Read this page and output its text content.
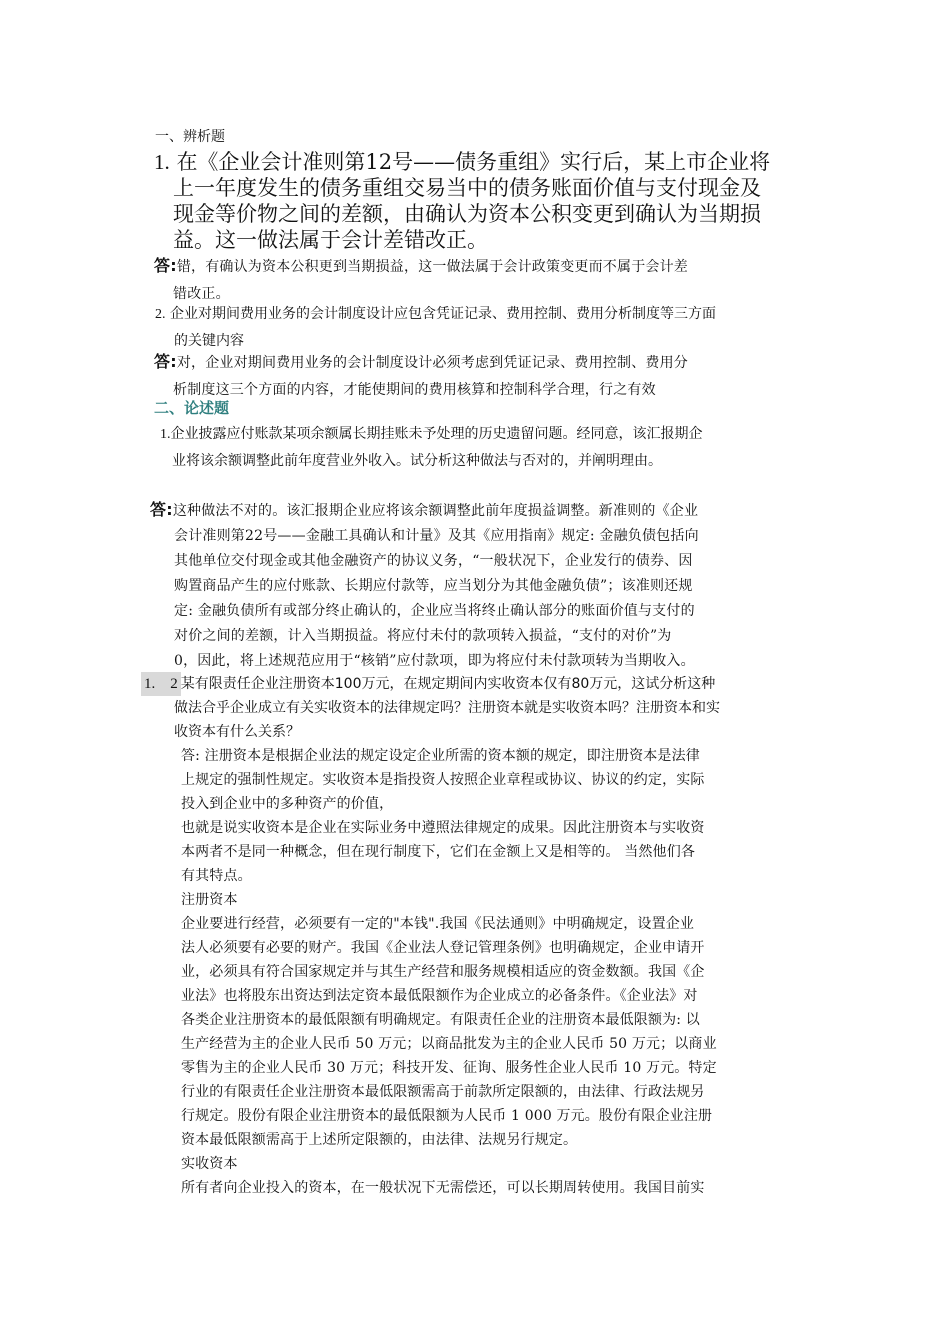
一、辨析题
1. 在《企业会计准则第12号——债务重组》实行后，某上市企业将
上一年度发生的债务重组交易当中的债务账面价值与支付现金及
现金等价物之间的差额，由确认为资本公积变更到确认为当期损
益。这一做法属于会计差错改正。
答:错，有确认为资本公积更到当期损益，这一做法属于会计政策变更而不属于会计差
错改正。
2. 企业对期间费用业务的会计制度设计应包含凭证记录、费用控制、费用分析制度等三方面
的关键内容
答:对，企业对期间费用业务的会计制度设计必须考虑到凭证记录、费用控制、费用分
析制度这三个方面的内容，才能使期间的费用核算和控制科学合理，行之有效
二、论述题
1.企业披露应付账款某项余额属长期挂账未予处理的历史遗留问题。经同意，该汇报期企
业将该余额调整此前年度营业外收入。试分析这种做法与否对的，并阐明理由。
答:这种做法不对的。该汇报期企业应将该余额调整此前年度损益调整。新准则的《企业
会计准则第22号——金融工具确认和计量》及其《应用指南》规定: 金融负债包括向
其他单位交付现金或其他金融资产的协议义务，“一般状况下，企业发行的债券、因
购置商品产生的应付账款、长期应付款等，应当划分为其他金融负债”；该准则还规
定: 金融负债所有或部分终止确认的，企业应当将终止确认部分的账面价值与支付的
对价之间的差额，计入当期损益。将应付未付的款项转入损益，“支付的对价”为
0，因此，将上述规范应用于“核销”应付款项，即为将应付未付款项转为当期收入。
1.　2 某有限责任企业注册资本100万元，在规定期间内实收资本仅有80万元，这试分析这种
做法合乎企业成立有关实收资本的法律规定吗？注册资本就是实收资本吗？注册资本和实
收资本有什么关系？

答: 注册资本是根据企业法的规定设定企业所需的资本额的规定，即注册资本是法律

上规定的强制性规定。实收资本是指投资人按照企业章程或协议、协议的约定，实际

投入到企业中的多种资产的价值，

也就是说实收资本是企业在实际业务中遵照法律规定的成果。因此注册资本与实收资

本两者不是同一种概念，但在现行制度下，它们在金额上又是相等的。 当然他们各

有其特点。

注册资本

企业要进行经营，必须要有一定的"本钱".我国《民法通则》中明确规定，设置企业

法人必须要有必要的财产。我国《企业法人登记管理条例》也明确规定，企业申请开

业，必须具有符合国家规定并与其生产经营和服务规模相适应的资金数额。我国《企

业法》也将股东出资达到法定资本最低限额作为企业成立的必备条件。《企业法》对

各类企业注册资本的最低限额有明确规定。有限责任企业的注册资本最低限额为: 以

生产经营为主的企业人民币 50 万元；以商品批发为主的企业人民币 50 万元；以商业

零售为主的企业人民币 30 万元；科技开发、征询、服务性企业人民币 10 万元。特定

行业的有限责任企业注册资本最低限额需高于前款所定限额的，由法律、行政法规另

行规定。股份有限企业注册资本的最低限额为人民币 1 000 万元。股份有限企业注册

资本最低限额需高于上述所定限额的，由法律、法规另行规定。

实收资本

所有者向企业投入的资本，在一般状况下无需偿还，可以长期周转使用。我国目前实
